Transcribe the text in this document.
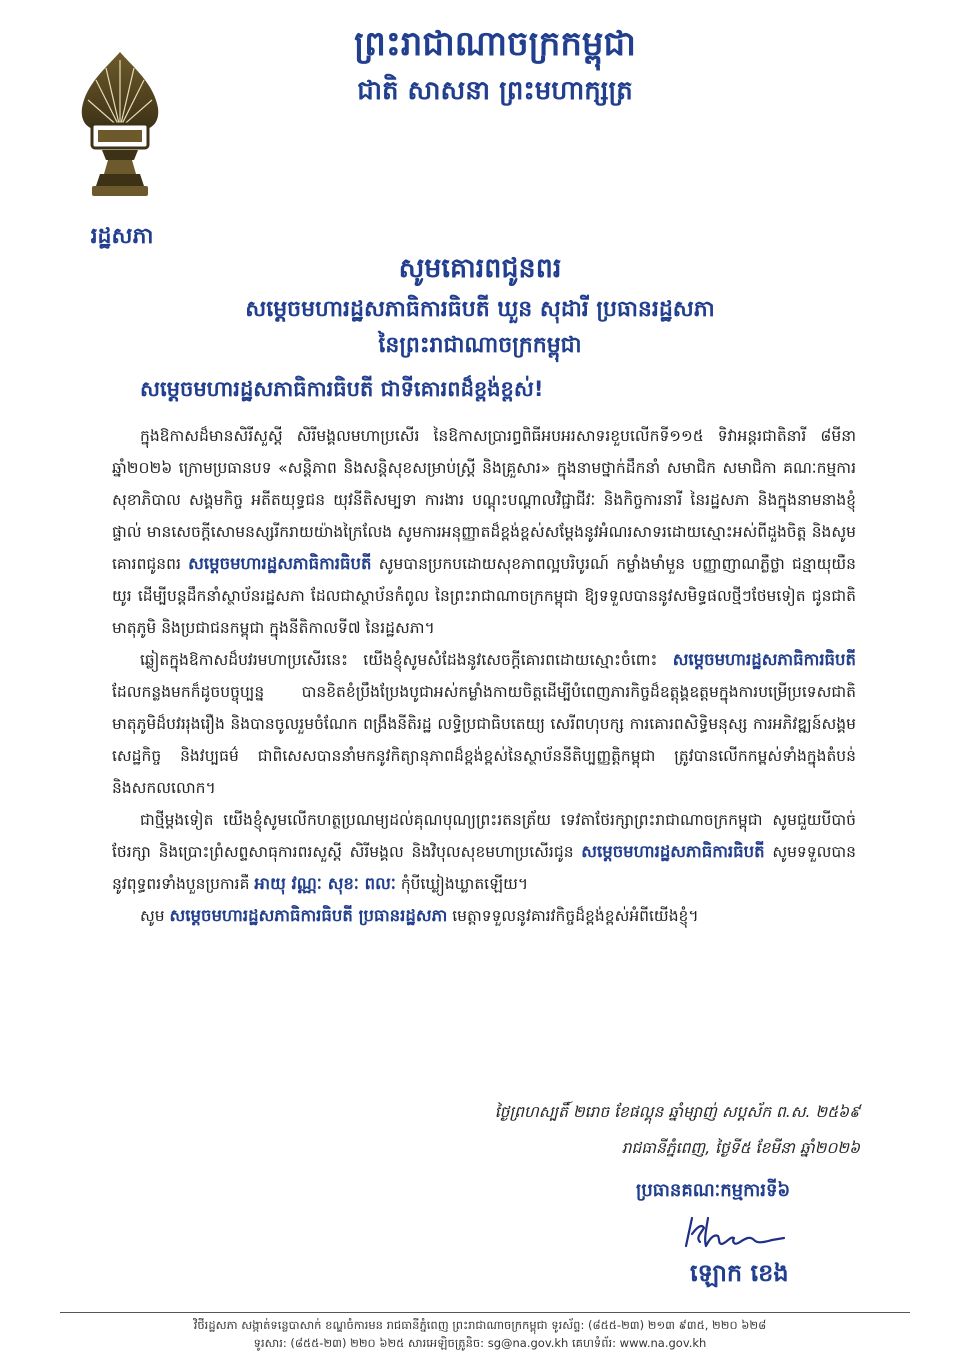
រដ្ឋសភា
ព្រះរាជាណាចក្រកម្ពុជា
ជាតិ សាសនា ព្រះមហាក្សត្រ
សូមគោរពជូនពរ
សម្តេចមហារដ្ឋសភាធិការធិបតី ឃួន សុដារី ប្រធានរដ្ឋសភា
នៃព្រះរាជាណាចក្រកម្ពុជា
សម្តេចមហារដ្ឋសភាធិការធិបតី ជាទីគោរពដ៏ខ្ពង់ខ្ពស់!

ក្នុងឱកាសដ៏មានសិរីសួស្តី សិរីមង្គលមហាប្រសើរ នៃឱកាសប្រារព្ធពិធីអបអរសាទរខួបលើកទី១១៥ ទិវាអន្តរជាតិនារី ៨មីនា ឆ្នាំ២០២៦ ក្រោមប្រធានបទ «សន្តិភាព និងសន្តិសុខសម្រាប់ស្ត្រី និងគ្រួសារ» ក្នុងនាមថ្នាក់ដឹកនាំ សមាជិក សមាជិកា គណៈកម្មការសុខាភិបាល សង្គមកិច្ច អតីតយុទ្ធជន យុវនីតិសម្បទា ការងារ បណ្តុះបណ្តាលវិជ្ជាជីវៈ និងកិច្ចការនារី នៃរដ្ឋសភា និងក្នុងនាមនាងខ្ញុំផ្ទាល់ មានសេចក្តីសោមនស្សរីករាយយ៉ាងក្រៃលែង សូមការអនុញ្ញាតដ៏ខ្ពង់ខ្ពស់សម្តែងនូវអំណរសាទរដោយស្មោះអស់ពីដួងចិត្ត និងសូមគោរពជូនពរ សម្តេចមហារដ្ឋសភាធិការធិបតី សូមបានប្រកបដោយសុខភាពល្អបរិបូរណ៍ កម្លាំងមាំមួន បញ្ញាញាណភ្លឺថ្លា ជន្មាយុយឺនយូរ ដើម្បីបន្តដឹកនាំស្ថាប័នរដ្ឋសភា ដែលជាស្ថាប័នកំពូល នៃព្រះរាជាណាចក្រកម្ពុជា ឱ្យទទួលបាននូវសមិទ្ធផលថ្មីៗថែមទៀត ជូនជាតិមាតុភូមិ និងប្រជាជនកម្ពុជា ក្នុងនីតិកាលទី៧ នៃរដ្ឋសភា។

ឆ្លៀតក្នុងឱកាសដ៏បវរមហាប្រសើរនេះ យើងខ្ញុំសូមសំដែងនូវសេចក្តីគោរពដោយស្មោះចំពោះ សម្តេចមហារដ្ឋសភាធិការធិបតី ដែលកន្លងមកក៏ដូចបច្ចុប្បន្ន បានខិតខំប្រឹងប្រែងបូជាអស់កម្លាំងកាយចិត្តដើម្បីបំពេញភារកិច្ចដ៏ឧត្តុង្គឧត្តមក្នុងការបម្រើប្រទេសជាតិមាតុភូមិដ៏បវររុងរឿង និងបានចូលរួមចំណែក ពង្រឹងនីតិរដ្ឋ លទ្ធិប្រជាធិបតេយ្យ សេរីពហុបក្ស ការគោរពសិទ្ធិមនុស្ស ការអភិវឌ្ឍន៍សង្គម សេដ្ឋកិច្ច និងវប្បធម៌ ជាពិសេសបាននាំមកនូវកិត្យានុភាពដ៏ខ្ពង់ខ្ពស់នៃស្ថាប័ននីតិប្បញ្ញត្តិកម្ពុជា ត្រូវបានលើកកម្ពស់ទាំងក្នុងតំបន់ និងសកលលោក។

ជាថ្មីម្តងទៀត យើងខ្ញុំសូមលើកហត្ថប្រណម្យដល់គុណបុណ្យព្រះរតនត្រ័យ ទេវតាថែរក្សាព្រះរាជាណាចក្រកម្ពុជា សូមជួយបីបាច់ថែរក្សា និងប្រោះព្រំសព្ទសាធុការពរសួស្តី សិរីមង្គល និងវិបុលសុខមហាប្រសើរជូន សម្តេចមហារដ្ឋសភាធិការធិបតី សូមទទួលបាននូវពុទ្ធពរទាំងបួនប្រការគឺ អាយុ វណ្ណៈ សុខៈ ពលៈ កុំបីឃ្លៀងឃ្លាតឡើយ។

សូម សម្តេចមហារដ្ឋសភាធិការធិបតី ប្រធានរដ្ឋសភា មេត្តាទទួលនូវគារវកិច្ចដ៏ខ្ពង់ខ្ពស់អំពីយើងខ្ញុំ។

ថ្ងៃព្រហស្បតិ៍ ២រោច ខែផល្គុន ឆ្នាំម្សាញ់ សប្តស័ក ព.ស. ២៥៦៩
រាជធានីភ្នំពេញ, ថ្ងៃទី៥ ខែមីនា ឆ្នាំ២០២៦
ប្រធានគណៈកម្មការទី៦
ឡោក ខេង
វិថីរដ្ឋសភា សង្កាត់ទន្លេបាសាក់ ខណ្ឌចំការមន រាជធានីភ្នំពេញ ព្រះរាជាណាចក្រកម្ពុជា ទូរស័ព្ទ: (៨៥៥-២៣) ២១៣ ៩៣៥, ២២០ ៦២៨
ទូរសារ: (៨៥៥-២៣) ២២០ ៦២៥ សារអេឡិចត្រូនិច: sg@na.gov.kh គេហទំព័រ: www.na.gov.kh
